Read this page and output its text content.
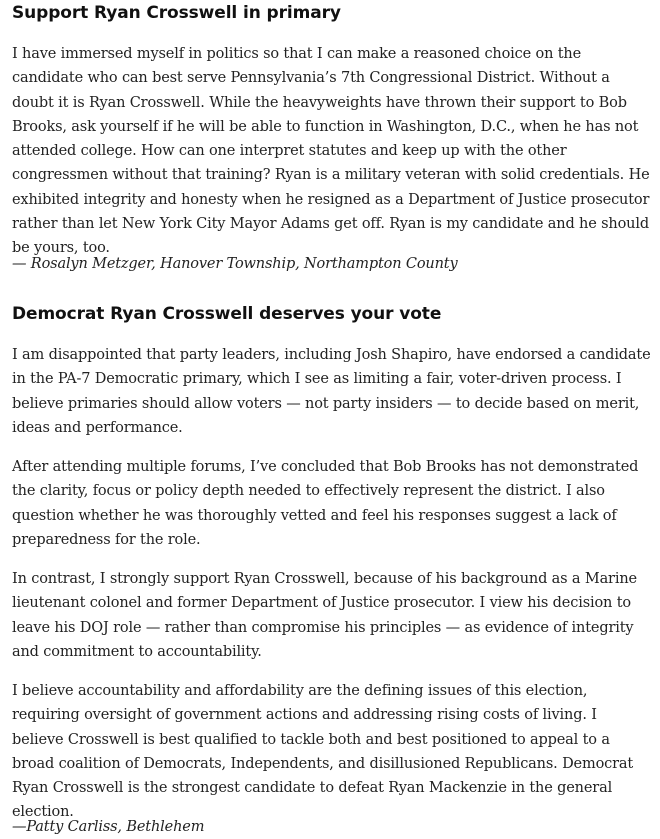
Support Ryan Crosswell in primary

I have immersed myself in politics so that I can make a reasoned choice on the candidate who can best serve Pennsylvania’s 7th Congressional District. Without a doubt it is Ryan Crosswell. While the heavyweights have thrown their support to Bob Brooks, ask yourself if he will be able to function in Washington, D.C., when he has not attended college. How can one interpret statutes and keep up with the other congressmen without that training? Ryan is a military veteran with solid credentials. He exhibited integrity and honesty when he resigned as a Department of Justice prosecutor rather than let New York City Mayor Adams get off. Ryan is my candidate and he should be yours, too.

— Rosalyn Metzger, Hanover Township, Northampton County

Democrat Ryan Crosswell deserves your vote

I am disappointed that party leaders, including Josh Shapiro, have endorsed a candidate in the PA-7 Democratic primary, which I see as limiting a fair, voter-driven process. I believe primaries should allow voters — not party insiders — to decide based on merit, ideas and performance.

After attending multiple forums, I’ve concluded that Bob Brooks has not demonstrated the clarity, focus or policy depth needed to effectively represent the district. I also question whether he was thoroughly vetted and feel his responses suggest a lack of preparedness for the role.

In contrast, I strongly support Ryan Crosswell, because of his background as a Marine lieutenant colonel and former Department of Justice prosecutor. I view his decision to leave his DOJ role — rather than compromise his principles — as evidence of integrity and commitment to accountability.

I believe accountability and affordability are the defining issues of this election, requiring oversight of government actions and addressing rising costs of living. I believe Crosswell is best qualified to tackle both and best positioned to appeal to a broad coalition of Democrats, Independents, and disillusioned Republicans. Democrat Ryan Crosswell is the strongest candidate to defeat Ryan Mackenzie in the general election.

—Patty Carliss, Bethlehem
